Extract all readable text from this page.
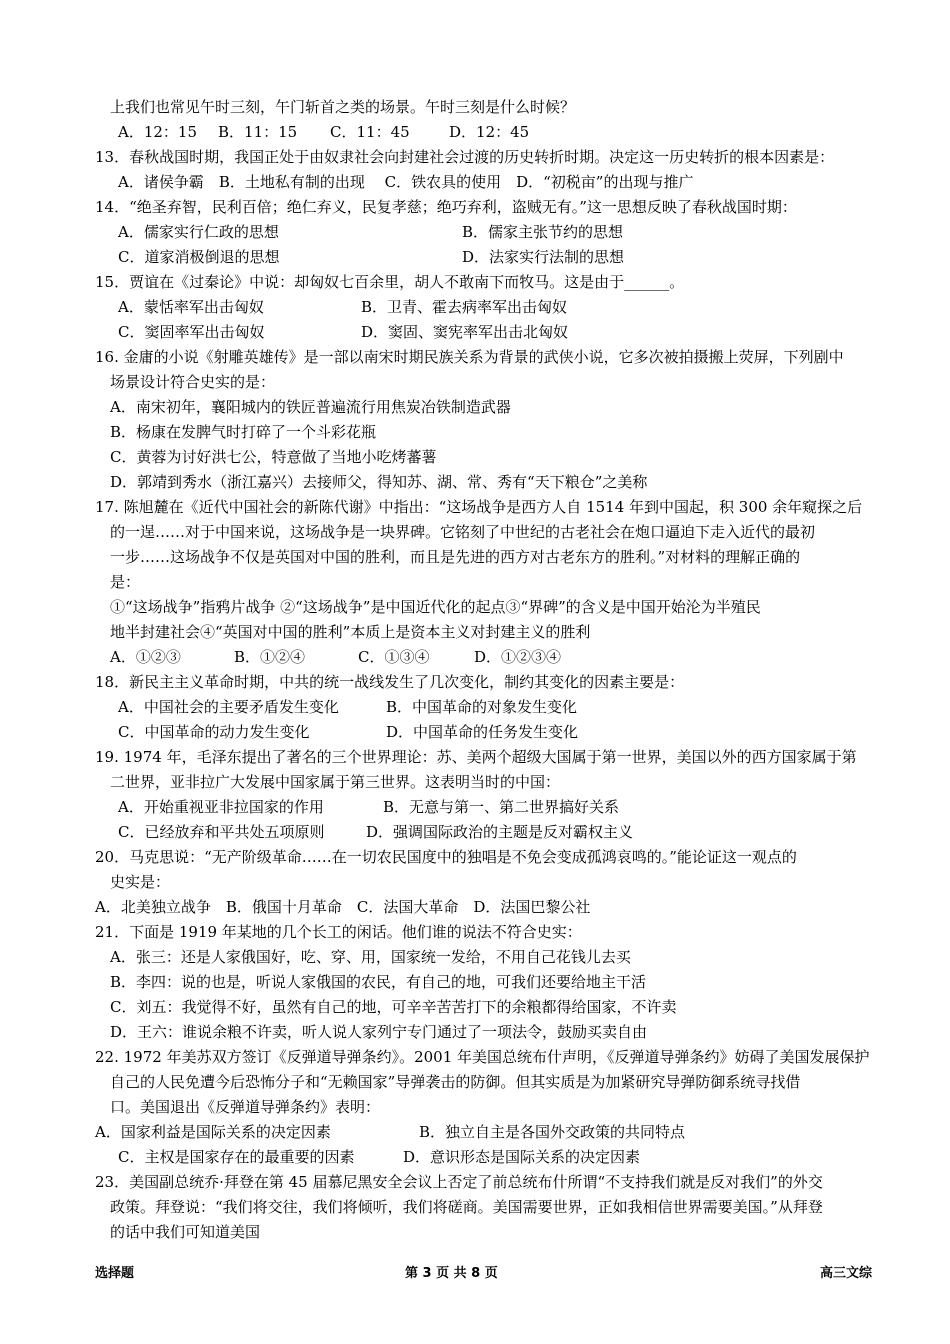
上我们也常见午时三刻，午门斩首之类的场景。午时三刻是什么时候？
A．12：15 B．11：15 C．11：45	D．12：45
13．春秋战国时期，我国正处于由奴隶社会向封建社会过渡的历史转折时期。决定这一历史转折的根本因素是：
A．诸侯争霸　B．土地私有制的出现　 C．铁农具的使用　D．“初税亩”的出现与推广
14．“绝圣弃智，民利百倍；绝仁弃义，民复孝慈；绝巧弃利，盗贼无有。”这一思想反映了春秋战国时期：
A．儒家实行仁政的思想	B．儒家主张节约的思想
C．道家消极倒退的思想	D．法家实行法制的思想
15．贾谊在《过秦论》中说：却匈奴七百余里，胡人不敢南下而牧马。这是由于______。
A．蒙恬率军出击匈奴	B．卫青、霍去病率军出击匈奴
C．窦固率军出击匈奴	D．窦固、窦宪率军出击北匈奴
16. 金庸的小说《射雕英雄传》是一部以南宋时期民族关系为背景的武侠小说，它多次被拍摄搬上荧屏，下列剧中
场景设计符合史实的是：
A．南宋初年，襄阳城内的铁匠普遍流行用焦炭冶铁制造武器
B．杨康在发脾气时打碎了一个斗彩花瓶
C．黄蓉为讨好洪七公，特意做了当地小吃烤蕃薯
D．郭靖到秀水（浙江嘉兴）去接师父，得知苏、湖、常、秀有“天下粮仓”之美称
17. 陈旭麓在《近代中国社会的新陈代谢》中指出：“这场战争是西方人自 1514 年到中国起，积 300 余年窥探之后
的一逞……对于中国来说，这场战争是一块界碑。它铭刻了中世纪的古老社会在炮口逼迫下走入近代的最初
一步……这场战争不仅是英国对中国的胜利，而且是先进的西方对古老东方的胜利。”对材料的理解正确的
是：
①“这场战争”指鸦片战争 ②“这场战争”是中国近代化的起点③“界碑”的含义是中国开始沦为半殖民
地半封建社会④“英国对中国的胜利”本质上是资本主义对封建主义的胜利
A．①②③	B．①②④	C．①③④	D．①②③④
18．新民主主义革命时期，中共的统一战线发生了几次变化，制约其变化的因素主要是：
A．中国社会的主要矛盾发生变化	B．中国革命的对象发生变化
C．中国革命的动力发生变化	D．中国革命的任务发生变化
19. 1974 年，毛泽东提出了著名的三个世界理论：苏、美两个超级大国属于第一世界，美国以外的西方国家属于第
二世界，亚非拉广大发展中国家属于第三世界。这表明当时的中国：
A．开始重视亚非拉国家的作用	B．无意与第一、第二世界搞好关系
C．已经放弃和平共处五项原则	D．强调国际政治的主题是反对霸权主义
20．马克思说：“无产阶级革命……在一切农民国度中的独唱是不免会变成孤鸿哀鸣的。”能论证这一观点的
史实是：
A．北美独立战争　B．俄国十月革命　C．法国大革命　D．法国巴黎公社
21．下面是 1919 年某地的几个长工的闲话。他们谁的说法不符合史实：
A．张三：还是人家俄国好，吃、穿、用，国家统一发给，不用自己花钱儿去买
B．李四：说的也是，听说人家俄国的农民，有自己的地，可我们还要给地主干活
C．刘五：我觉得不好，虽然有自己的地，可辛辛苦苦打下的余粮都得给国家，不许卖
D．王六：谁说余粮不许卖，听人说人家列宁专门通过了一项法令，鼓励买卖自由
22. 1972 年美苏双方签订《反弹道导弹条约》。2001 年美国总统布什声明，《反弹道导弹条约》妨碍了美国发展保护
自己的人民免遭今后恐怖分子和“无赖国家”导弹袭击的防御。但其实质是为加紧研究导弹防御系统寻找借
口。美国退出《反弹道导弹条约》表明：
A．国家利益是国际关系的决定因素	B．独立自主是各国外交政策的共同特点
C．主权是国家存在的最重要的因素	D．意识形态是国际关系的决定因素
23．美国副总统乔·拜登在第 45 届慕尼黑安全会议上否定了前总统布什所谓“不支持我们就是反对我们”的外交
政策。拜登说：“我们将交往，我们将倾听，我们将磋商。美国需要世界，正如我相信世界需要美国。”从拜登
的话中我们可知道美国
选择题	第 3 页 共 8 页	高三文综
